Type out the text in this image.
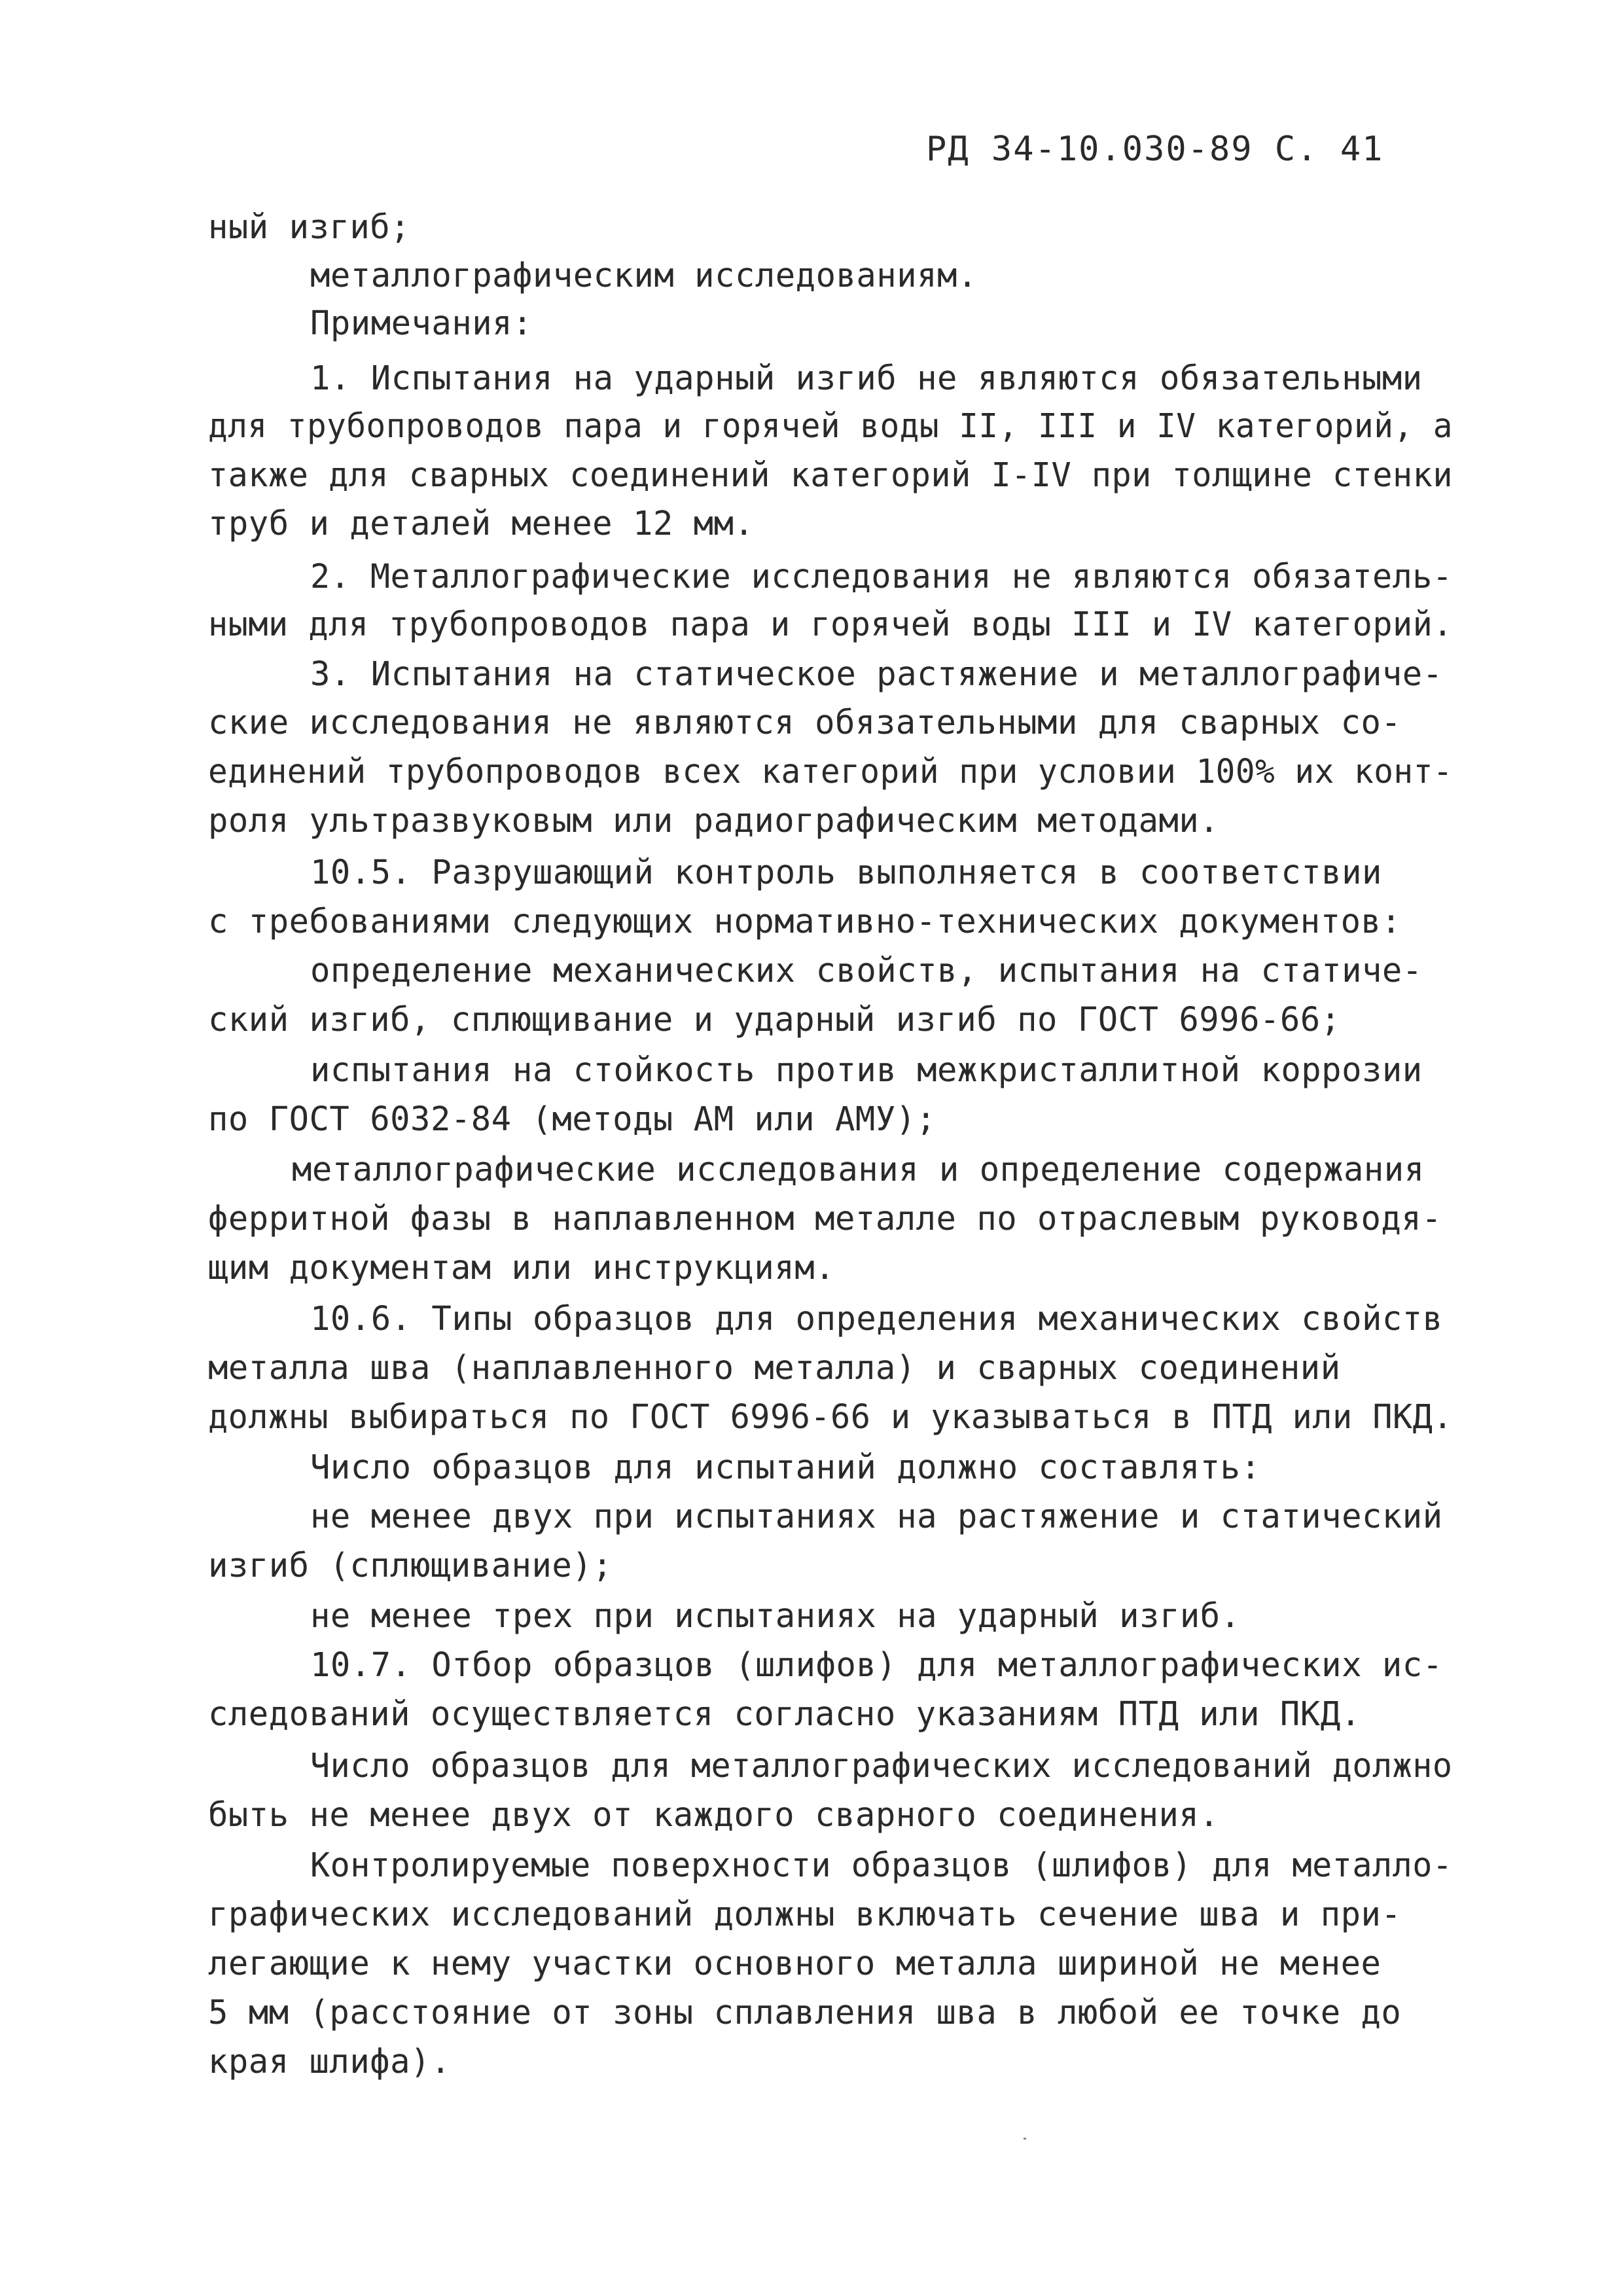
РД 34-10.030-89 С. 41
ный изгиб;
металлографическим исследованиям.
Примечания:
1. Испытания на ударный изгиб не являются обязательными
для трубопроводов пара и горячей воды II, III и IV категорий, а
также для сварных соединений категорий I-IV при толщине стенки
труб и деталей менее 12 мм.
2. Металлографические исследования не являются обязатель-
ными для трубопроводов пара и горячей воды III и IV категорий.
3. Испытания на статическое растяжение и металлографиче-
ские исследования не являются обязательными для сварных со-
единений трубопроводов всех категорий при условии 100% их конт-
роля ультразвуковым или радиографическим методами.
10.5. Разрушающий контроль выполняется в соответствии
с требованиями следующих нормативно-технических документов:
определение механических свойств, испытания на статиче-
ский изгиб, сплющивание и ударный изгиб по ГОСТ 6996-66;
испытания на стойкость против межкристаллитной коррозии
по ГОСТ 6032-84 (методы АМ или АМУ);
металлографические исследования и определение содержания
ферритной фазы в наплавленном металле по отраслевым руководя-
щим документам или инструкциям.
10.6. Типы образцов для определения механических свойств
металла шва (наплавленного металла) и сварных соединений
должны выбираться по ГОСТ 6996-66 и указываться в ПТД или ПКД.
Число образцов для испытаний должно составлять:
не менее двух при испытаниях на растяжение и статический
изгиб (сплющивание);
не менее трех при испытаниях на ударный изгиб.
10.7. Отбор образцов (шлифов) для металлографических ис-
следований осуществляется согласно указаниям ПТД или ПКД.
Число образцов для металлографических исследований должно
быть не менее двух от каждого сварного соединения.
Контролируемые поверхности образцов (шлифов) для металло-
графических исследований должны включать сечение шва и при-
легающие к нему участки основного металла шириной не менее
5 мм (расстояние от зоны сплавления шва в любой ее точке до
края шлифа).
